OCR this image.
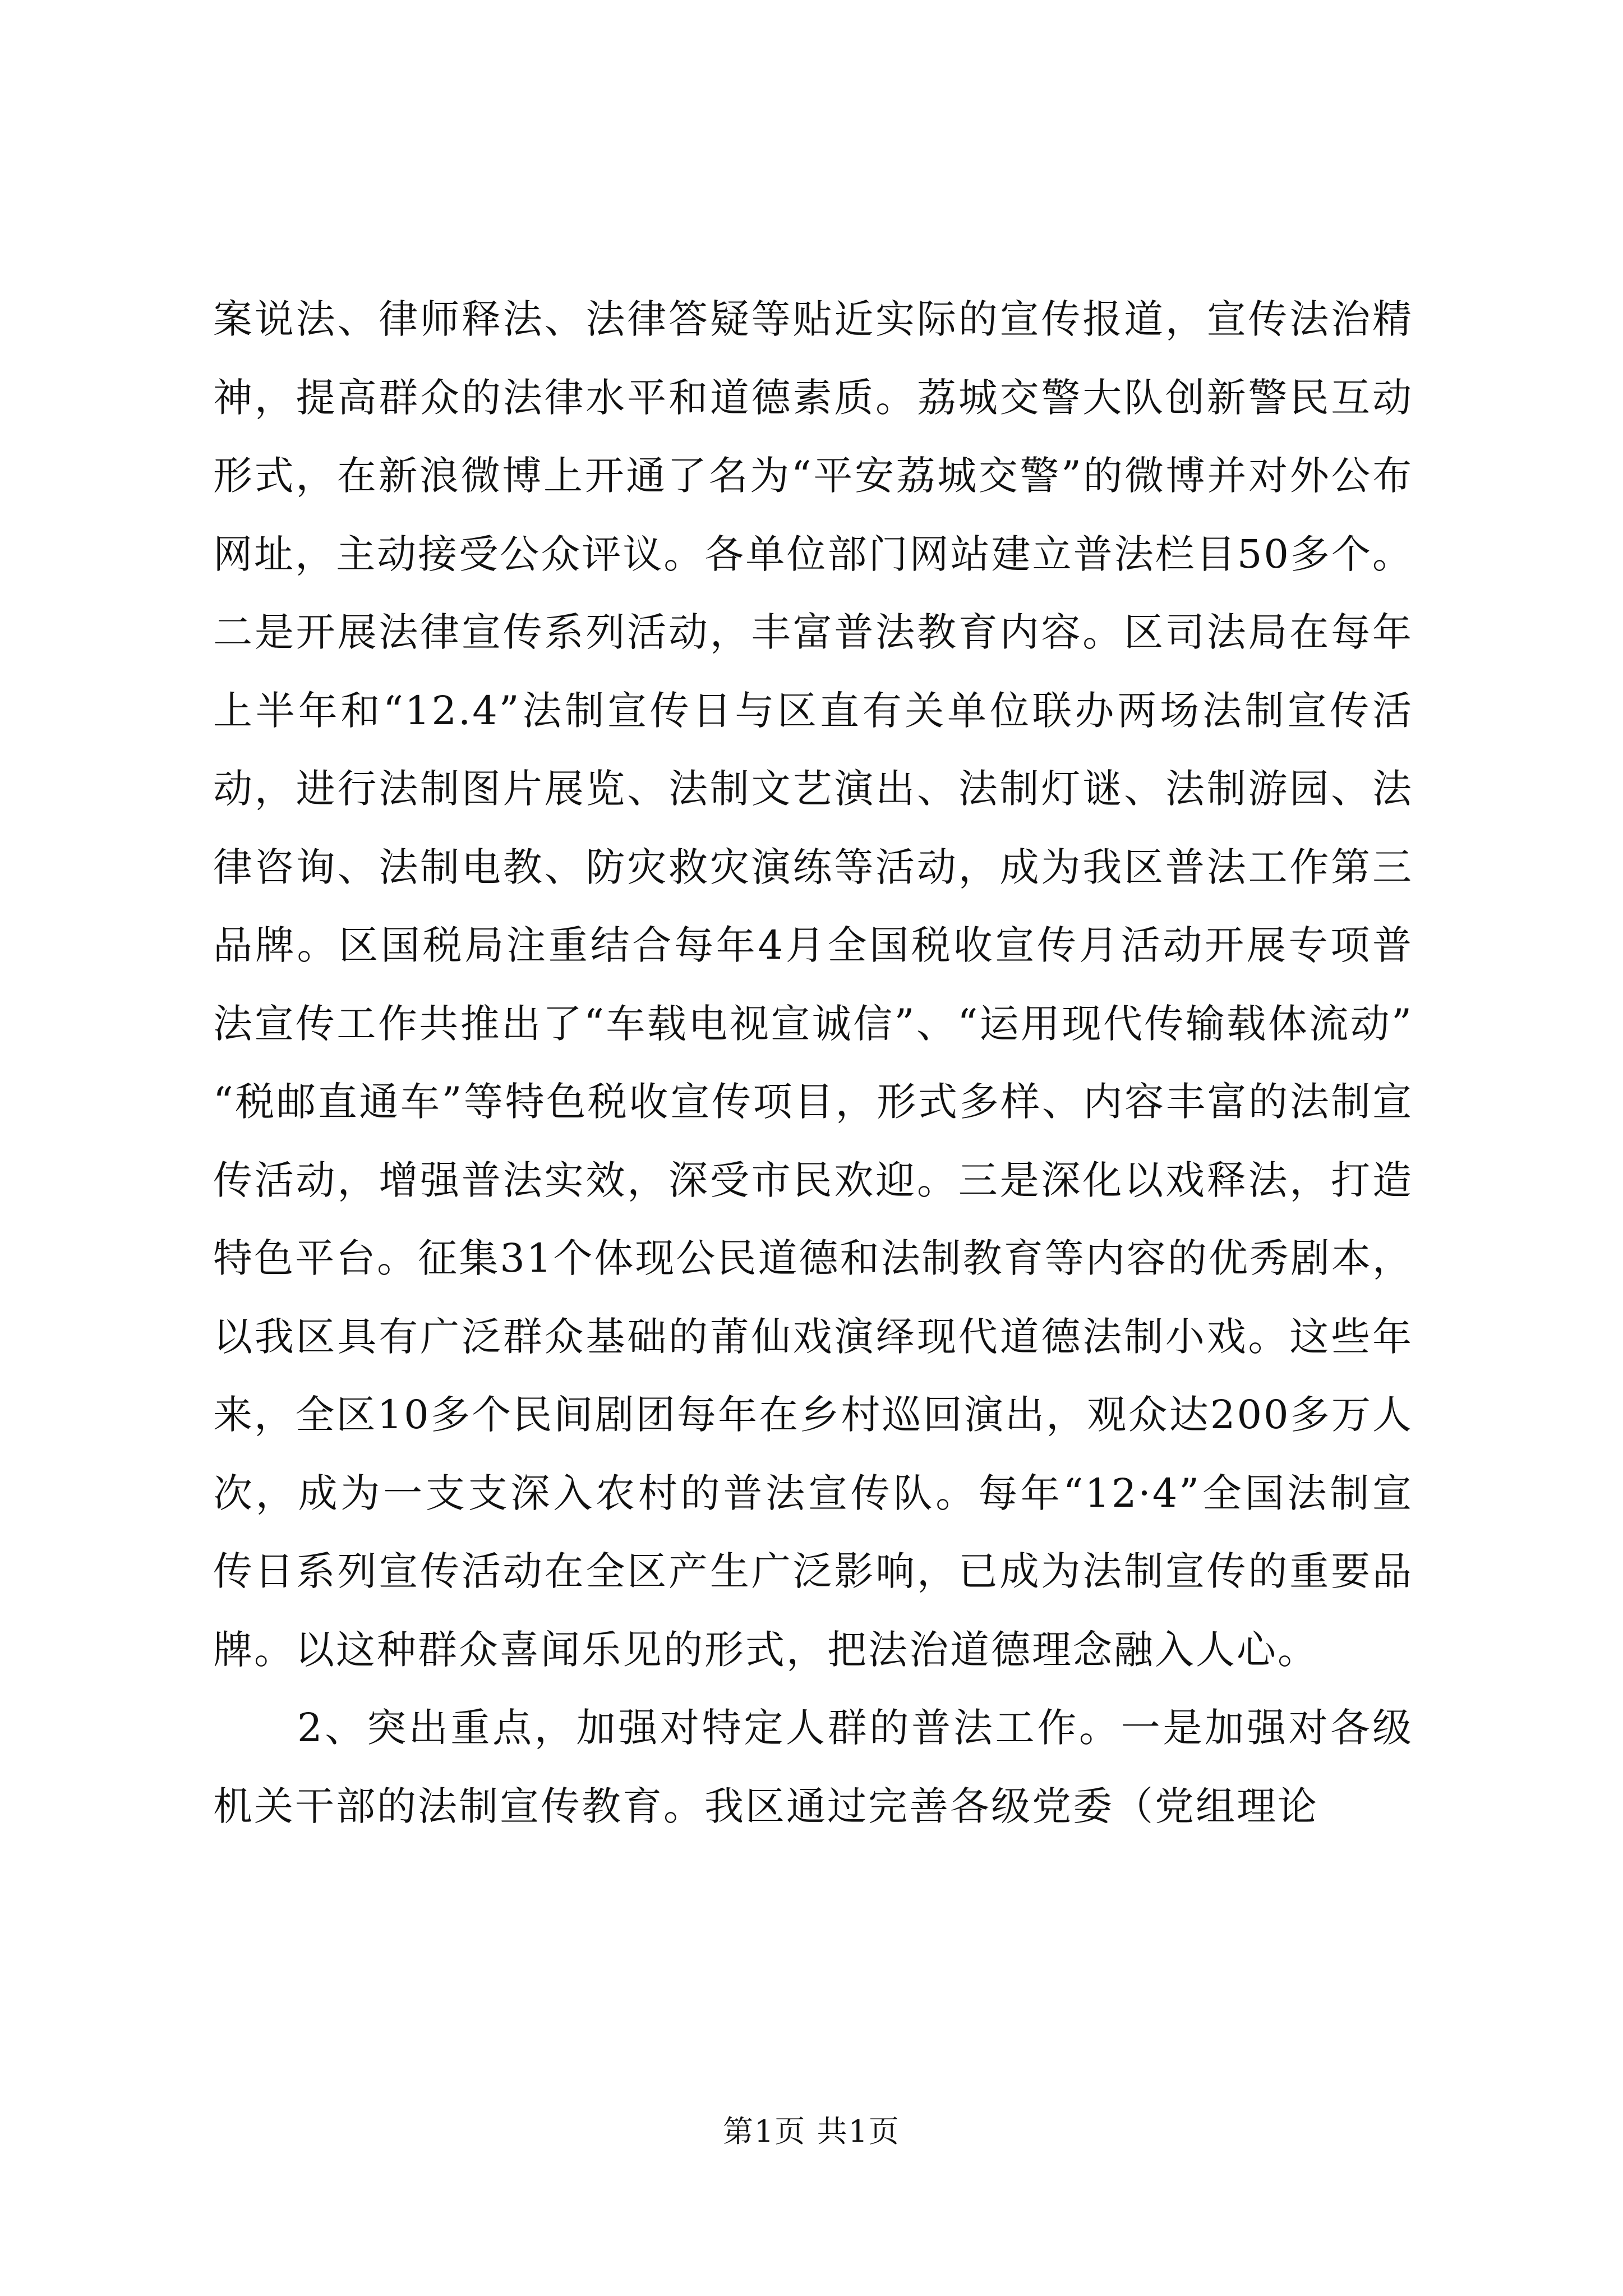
案说法、律师释法、法律答疑等贴近实际的宣传报道，宣传法治精神，提高群众的法律水平和道德素质。荔城交警大队创新警民互动形式，在新浪微博上开通了名为“平安荔城交警”的微博并对外公布网址，主动接受公众评议。各单位部门网站建立普法栏目50多个。二是开展法律宣传系列活动，丰富普法教育内容。区司法局在每年上半年和“12.4”法制宣传日与区直有关单位联办两场法制宣传活动，进行法制图片展览、法制文艺演出、法制灯谜、法制游园、法律咨询、法制电教、防灾救灾演练等活动，成为我区普法工作第三品牌。区国税局注重结合每年4月全国税收宣传月活动开展专项普法宣传工作共推出了“车载电视宣诚信”、“运用现代传输载体流动”“税邮直通车”等特色税收宣传项目，形式多样、内容丰富的法制宣传活动，增强普法实效，深受市民欢迎。三是深化以戏释法，打造特色平台。征集31个体现公民道德和法制教育等内容的优秀剧本，以我区具有广泛群众基础的莆仙戏演绎现代道德法制小戏。这些年来，全区10多个民间剧团每年在乡村巡回演出，观众达200多万人次，成为一支支深入农村的普法宣传队。每年“12·4”全国法制宣传日系列宣传活动在全区产生广泛影响，已成为法制宣传的重要品牌。以这种群众喜闻乐见的形式，把法治道德理念融入人心。

2、突出重点，加强对特定人群的普法工作。一是加强对各级机关干部的法制宣传教育。我区通过完善各级党委（党组理论

第1页 共1页
